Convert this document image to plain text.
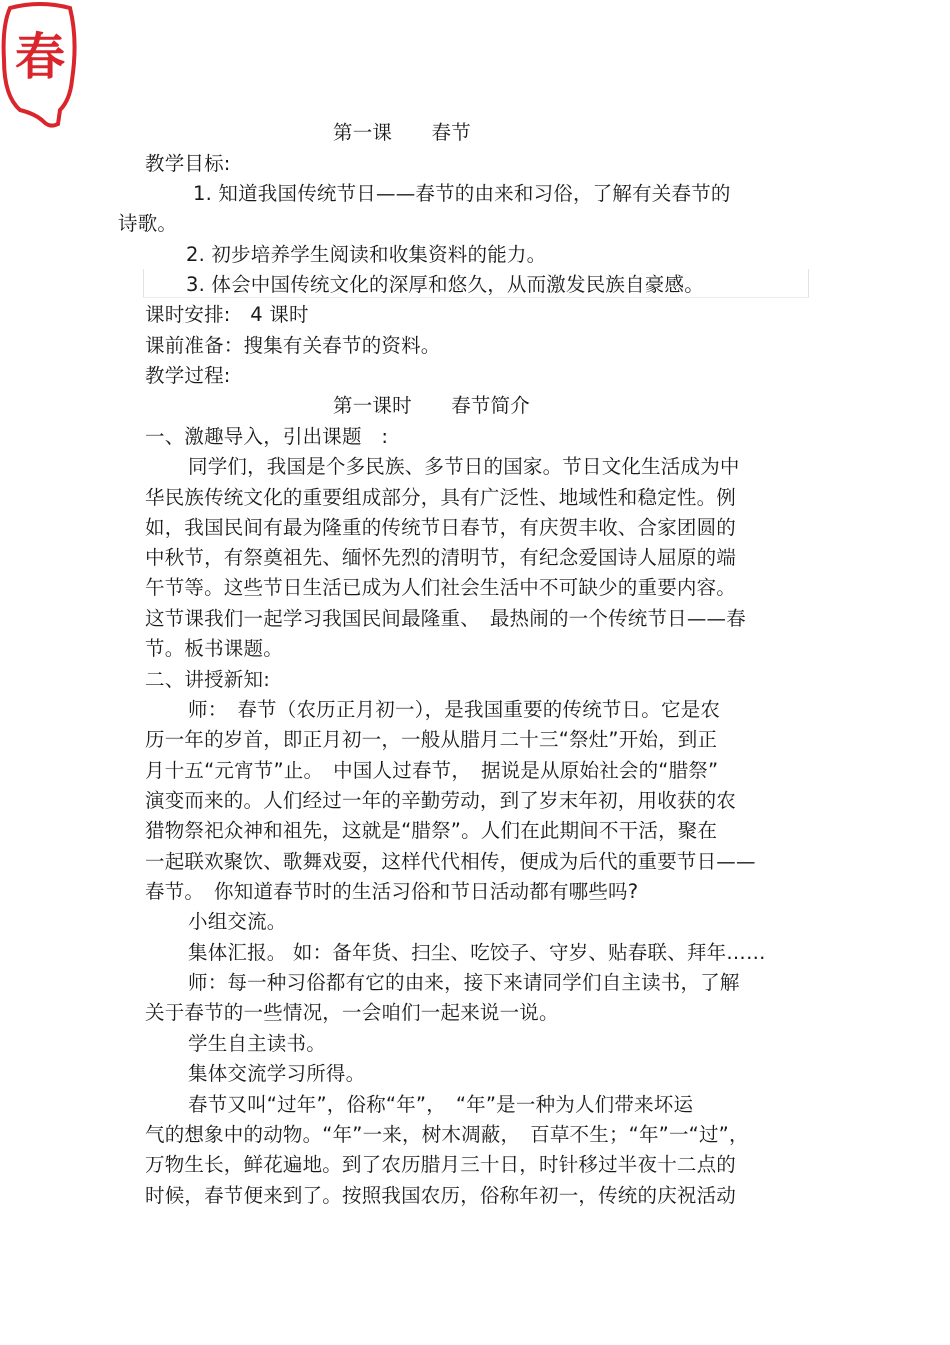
春
第一课　　春节
教学目标:
1. 知道我国传统节日——春节的由来和习俗，了解有关春节的
诗歌。
2. 初步培养学生阅读和收集资料的能力。
3. 体会中国传统文化的深厚和悠久，从而激发民族自豪感。
课时安排:　4 课时
课前准备：搜集有关春节的资料。
教学过程:
第一课时　　春节简介
一、激趣导入，引出课题　:
同学们，我国是个多民族、多节日的国家。节日文化生活成为中
华民族传统文化的重要组成部分，具有广泛性、地域性和稳定性。例
如，我国民间有最为隆重的传统节日春节，有庆贺丰收、合家团圆的
中秋节，有祭奠祖先、缅怀先烈的清明节，有纪念爱国诗人屈原的端
午节等。这些节日生活已成为人们社会生活中不可缺少的重要内容。
这节课我们一起学习我国民间最隆重、　最热闹的一个传统节日——春
节。板书课题。
二、讲授新知:
师：　春节（农历正月初一），是我国重要的传统节日。它是农
历一年的岁首，即正月初一，一般从腊月二十三“祭灶”开始，到正
月十五“元宵节”止。　中国人过春节，　据说是从原始社会的“腊祭”
演变而来的。人们经过一年的辛勤劳动，到了岁末年初，用收获的农
猎物祭祀众神和祖先，这就是“腊祭”。人们在此期间不干活，聚在
一起联欢聚饮、歌舞戏耍，这样代代相传，便成为后代的重要节日——
春节。　你知道春节时的生活习俗和节日活动都有哪些吗?
小组交流。
集体汇报。 如：备年货、扫尘、吃饺子、守岁、贴春联、拜年……
师：每一种习俗都有它的由来，接下来请同学们自主读书，了解
关于春节的一些情况，一会咱们一起来说一说。
学生自主读书。
集体交流学习所得。
春节又叫“过年”，俗称“年”，　“年”是一种为人们带来坏运
气的想象中的动物。“年”一来，树木凋蔽，　百草不生；“年”一“过”，
万物生长，鲜花遍地。到了农历腊月三十日，时针移过半夜十二点的
时候，春节便来到了。按照我国农历，俗称年初一，传统的庆祝活动
